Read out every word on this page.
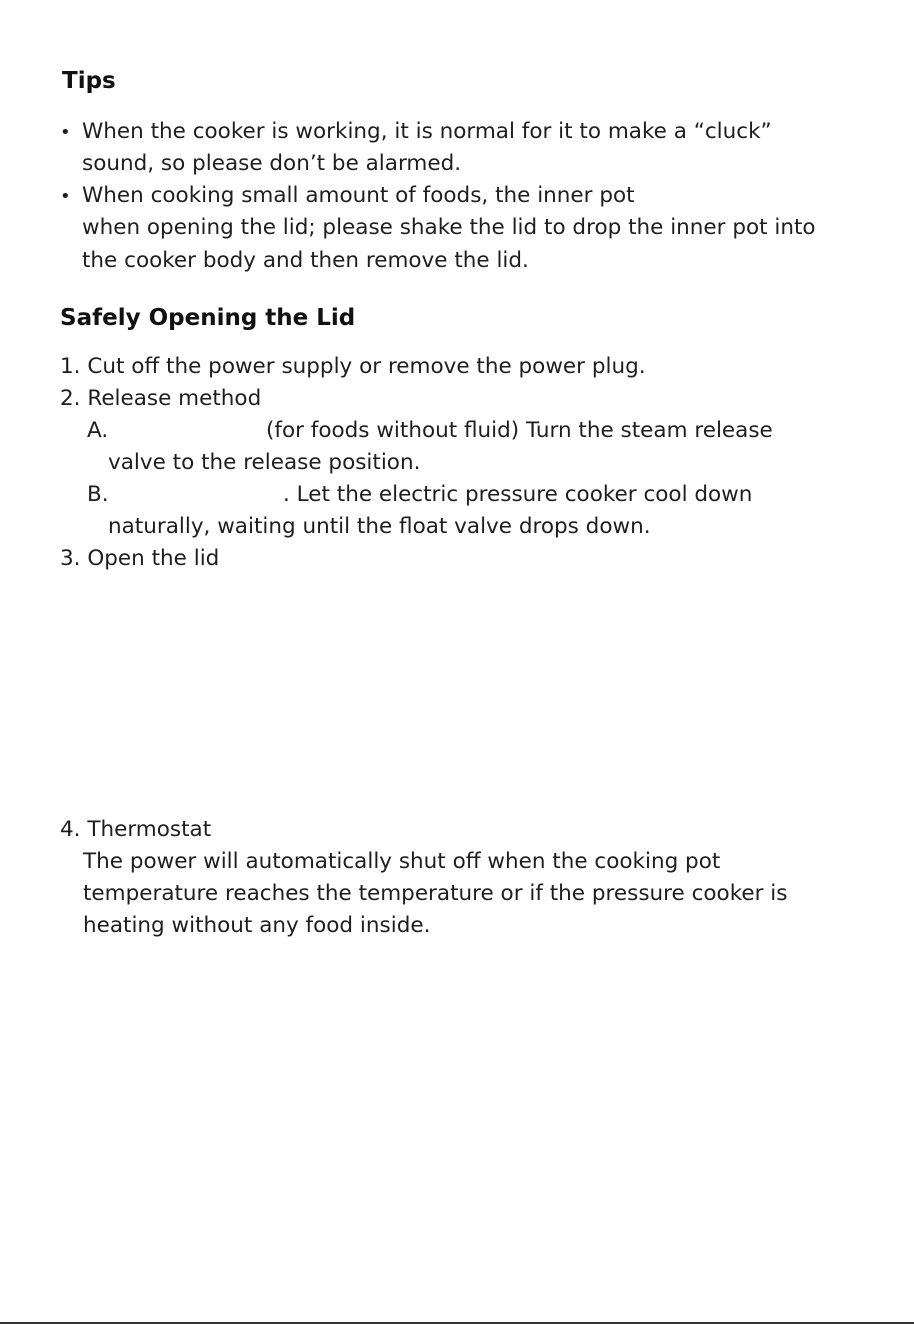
Tips
• When the cooker is working, it is normal for it to make a “cluck”
sound, so please don’t be alarmed.
• When cooking small amount of foods, the inner pot
when opening the lid; please shake the lid to drop the inner pot into
the cooker body and then remove the lid.
Safely Opening the Lid
1. Cut off the power supply or remove the power plug.
2. Release method
A.	(for foods without fluid) Turn the steam release
valve to the release position.
B.	. Let the electric pressure cooker cool down
naturally, waiting until the float valve drops down.
3. Open the lid
4. Thermostat
The power will automatically shut off when the cooking pot
temperature reaches the temperature or if the pressure cooker is
heating without any food inside.
